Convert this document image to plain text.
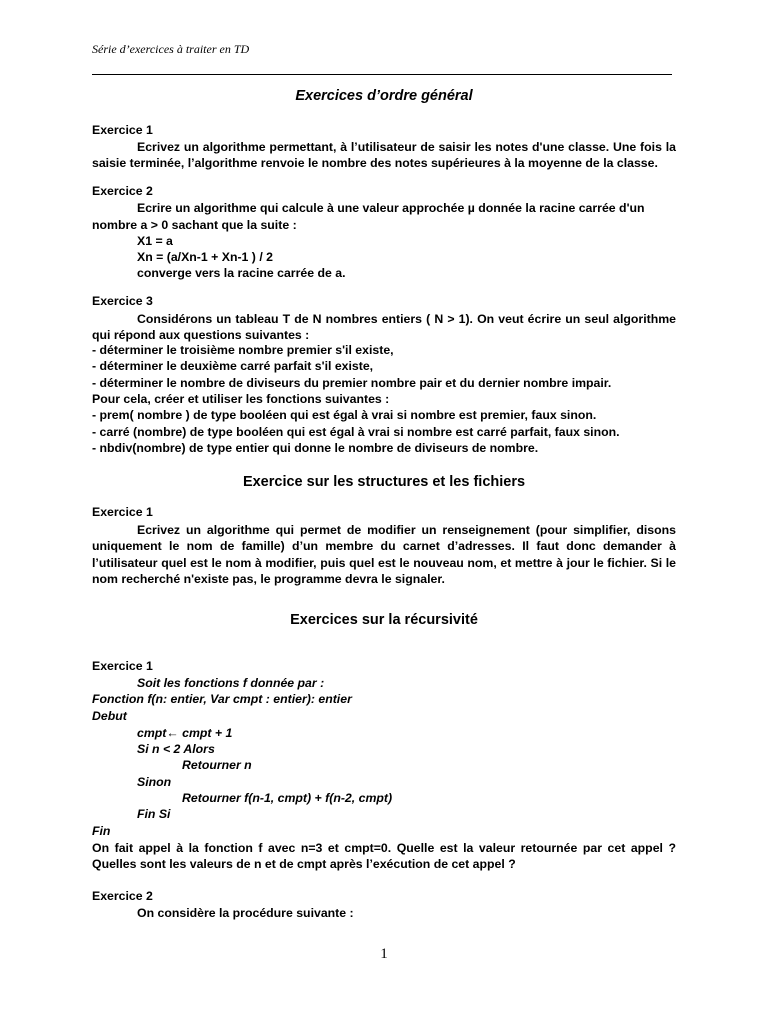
Série d’exercices à traiter en TD
Exercices d’ordre général
Exercice 1
Ecrivez un algorithme permettant, à l’utilisateur de saisir les notes d'une classe. Une fois la saisie terminée, l’algorithme renvoie le nombre des notes supérieures à la moyenne de la classe.
Exercice 2
Ecrire un algorithme qui calcule à une valeur approchée µ donnée la racine carrée d'un
nombre a > 0 sachant que la suite :
X1 = a
Xn = (a/Xn-1 + Xn-1 ) / 2
converge vers la racine carrée de a.
Exercice 3
Considérons un tableau T de N nombres entiers ( N > 1). On veut écrire un seul algorithme qui répond aux questions suivantes :
- déterminer le troisième nombre premier s'il existe,
- déterminer le deuxième carré parfait s'il existe,
- déterminer le nombre de diviseurs du premier nombre pair et du dernier nombre impair.
Pour cela, créer et utiliser les fonctions suivantes :
- prem( nombre ) de type booléen qui est égal à vrai si nombre est premier, faux sinon.
- carré (nombre) de type booléen qui est égal à vrai si nombre est carré parfait, faux sinon.
- nbdiv(nombre) de type entier qui donne le nombre de diviseurs de nombre.
Exercice sur les structures et les fichiers
Exercice 1
Ecrivez un algorithme qui permet de modifier un renseignement (pour simplifier, disons uniquement le nom de famille) d’un membre du carnet d’adresses. Il faut donc demander à l’utilisateur quel est le nom à modifier, puis quel est le nouveau nom, et mettre à jour le fichier. Si le nom recherché n'existe pas, le programme devra le signaler.
Exercices sur la récursivité
Exercice 1
Soit les fonctions f donnée par :
Fonction f(n: entier, Var cmpt : entier): entier
Debut
cmpt← cmpt + 1
Si n < 2 Alors
Retourner n
Sinon
Retourner f(n-1, cmpt) + f(n-2, cmpt)
Fin Si
Fin
On fait appel à la fonction f avec n=3 et cmpt=0. Quelle est la valeur retournée par cet appel ? Quelles sont les valeurs de n et de cmpt après l’exécution de cet appel ?
Exercice 2
On considère la procédure suivante :
1
